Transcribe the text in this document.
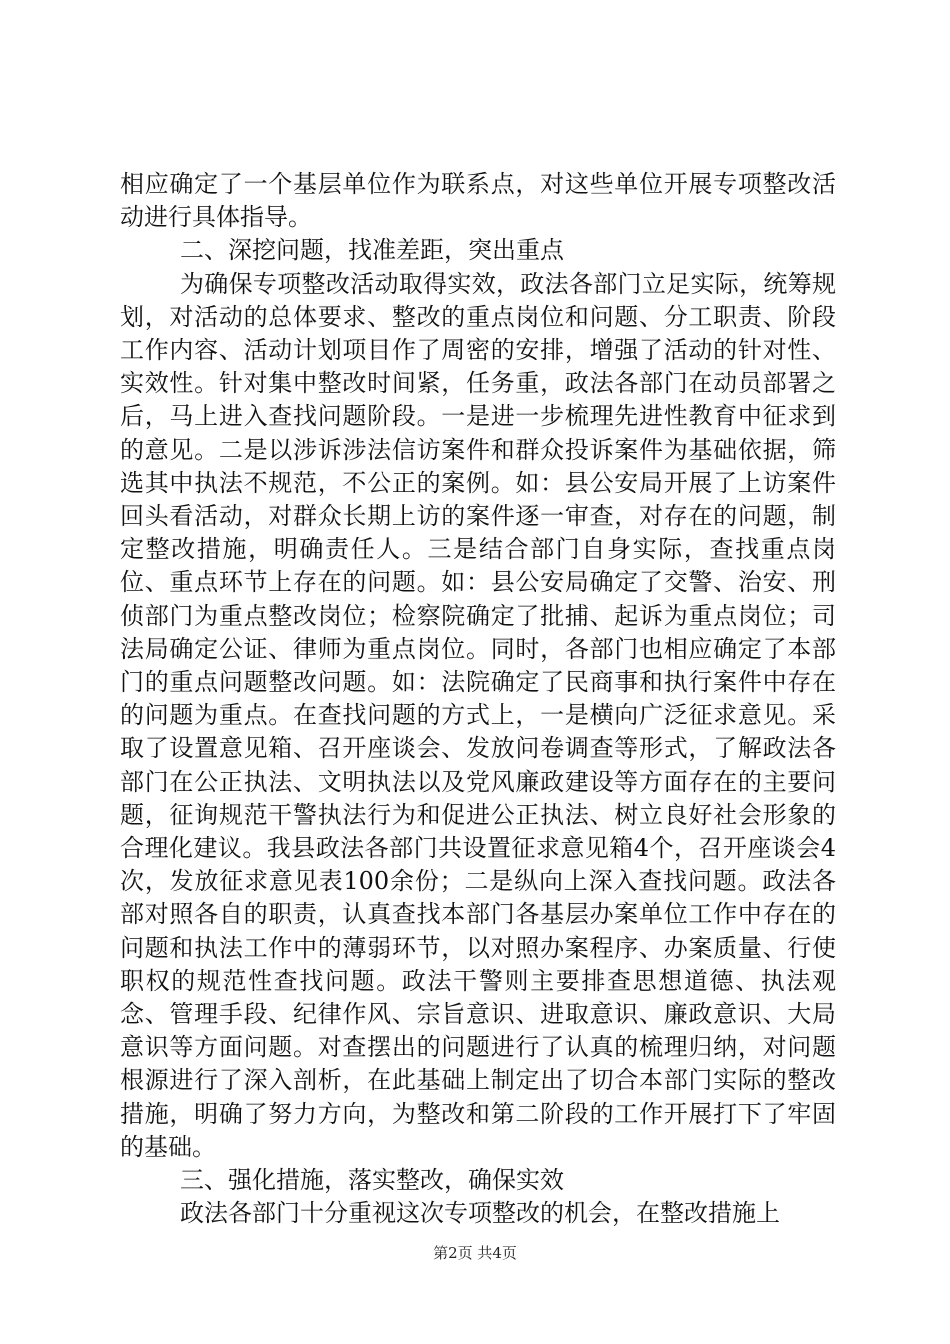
相应确定了一个基层单位作为联系点，对这些单位开展专项整改活动进行具体指导。

二、深挖问题，找准差距，突出重点

为确保专项整改活动取得实效，政法各部门立足实际，统筹规划，对活动的总体要求、整改的重点岗位和问题、分工职责、阶段工作内容、活动计划项目作了周密的安排，增强了活动的针对性、实效性。针对集中整改时间紧，任务重，政法各部门在动员部署之后，马上进入查找问题阶段。一是进一步梳理先进性教育中征求到的意见。二是以涉诉涉法信访案件和群众投诉案件为基础依据，筛选其中执法不规范，不公正的案例。如：县公安局开展了上访案件回头看活动，对群众长期上访的案件逐一审查，对存在的问题，制定整改措施，明确责任人。三是结合部门自身实际，查找重点岗位、重点环节上存在的问题。如：县公安局确定了交警、治安、刑侦部门为重点整改岗位；检察院确定了批捕、起诉为重点岗位；司法局确定公证、律师为重点岗位。同时，各部门也相应确定了本部门的重点问题整改问题。如：法院确定了民商事和执行案件中存在的问题为重点。在查找问题的方式上，一是横向广泛征求意见。采取了设置意见箱、召开座谈会、发放问卷调查等形式，了解政法各部门在公正执法、文明执法以及党风廉政建设等方面存在的主要问题，征询规范干警执法行为和促进公正执法、树立良好社会形象的合理化建议。我县政法各部门共设置征求意见箱4个，召开座谈会4次，发放征求意见表100余份；二是纵向上深入查找问题。政法各部对照各自的职责，认真查找本部门各基层办案单位工作中存在的问题和执法工作中的薄弱环节，以对照办案程序、办案质量、行使职权的规范性查找问题。政法干警则主要排查思想道德、执法观念、管理手段、纪律作风、宗旨意识、进取意识、廉政意识、大局意识等方面问题。对查摆出的问题进行了认真的梳理归纳，对问题根源进行了深入剖析，在此基础上制定出了切合本部门实际的整改措施，明确了努力方向，为整改和第二阶段的工作开展打下了牢固的基础。

三、强化措施，落实整改，确保实效

政法各部门十分重视这次专项整改的机会，在整改措施上

第2页 共4页
